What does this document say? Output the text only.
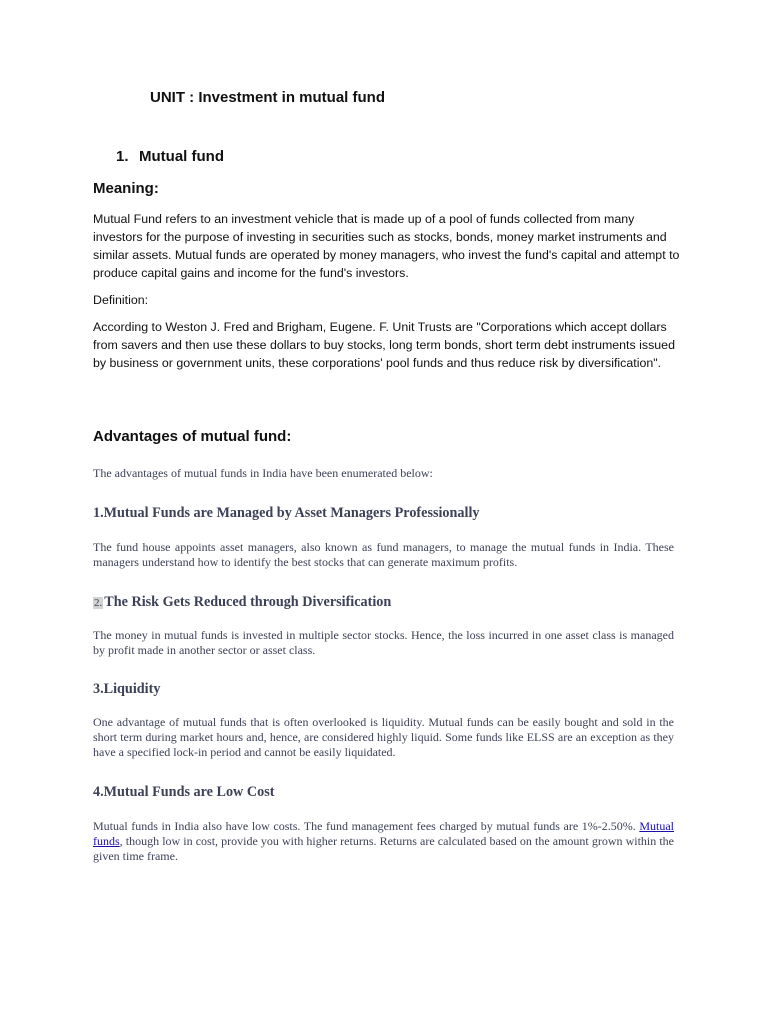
UNIT : Investment in mutual fund
1. Mutual fund
Meaning:

Mutual Fund refers to an investment vehicle that is made up of a pool of funds collected from many investors for the purpose of investing in securities such as stocks, bonds, money market instruments and similar assets. Mutual funds are operated by money managers, who invest the fund's capital and attempt to produce capital gains and income for the fund's investors.

Definition:

According to Weston J. Fred and Brigham, Eugene. F. Unit Trusts are "Corporations which accept dollars from savers and then use these dollars to buy stocks, long term bonds, short term debt instruments issued by business or government units, these corporations' pool funds and thus reduce risk by diversification".

Advantages of mutual fund:

The advantages of mutual funds in India have been enumerated below:

1.Mutual Funds are Managed by Asset Managers Professionally

The fund house appoints asset managers, also known as fund managers, to manage the mutual funds in India. These managers understand how to identify the best stocks that can generate maximum profits.

2. The Risk Gets Reduced through Diversification

The money in mutual funds is invested in multiple sector stocks. Hence, the loss incurred in one asset class is managed by profit made in another sector or asset class.

3.Liquidity

One advantage of mutual funds that is often overlooked is liquidity. Mutual funds can be easily bought and sold in the short term during market hours and, hence, are considered highly liquid. Some funds like ELSS are an exception as they have a specified lock-in period and cannot be easily liquidated.

4.Mutual Funds are Low Cost

Mutual funds in India also have low costs. The fund management fees charged by mutual funds are 1%-2.50%. Mutual funds, though low in cost, provide you with higher returns. Returns are calculated based on the amount grown within the given time frame.
